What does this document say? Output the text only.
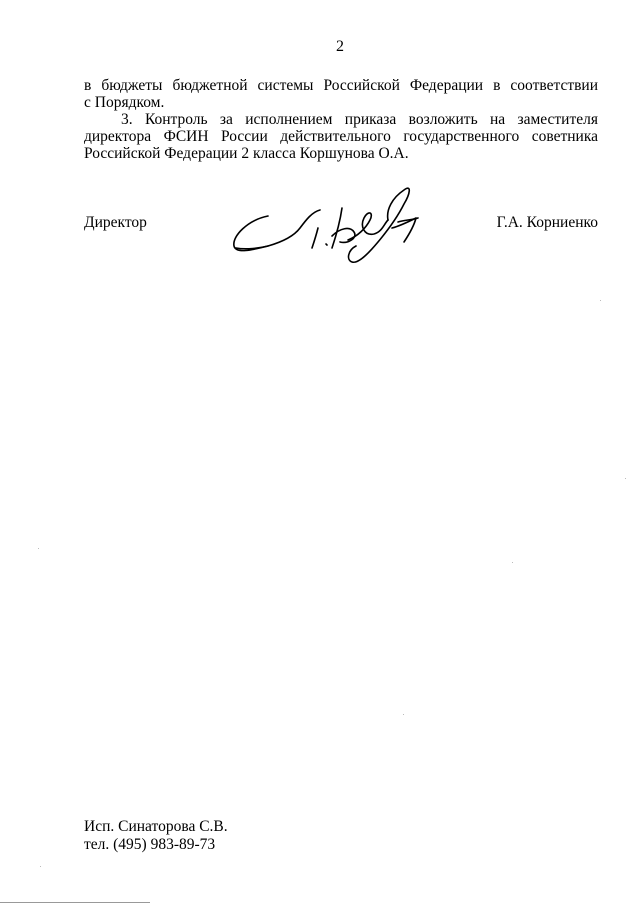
2
в бюджеты бюджетной системы Российской Федерации в соответствии
с Порядком.
3. Контроль за исполнением приказа возложить на заместителя
директора ФСИН России действительного государственного советника
Российской Федерации 2 класса Коршунова О.А.
Директор	Г.А. Корниенко
Исп. Синаторова С.В.
тел. (495) 983-89-73
